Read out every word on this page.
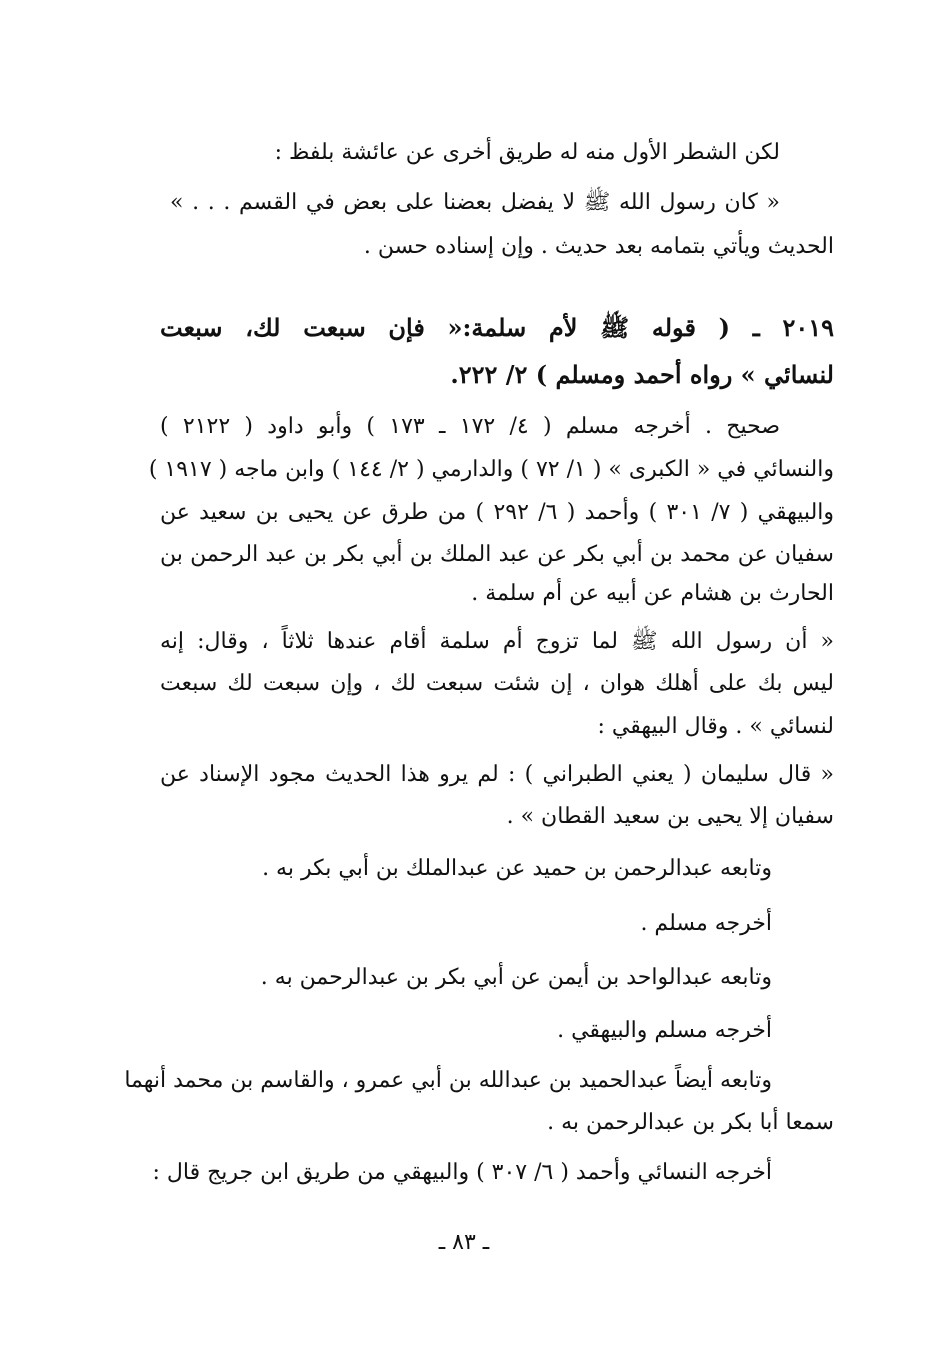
لكن الشطر الأول منه له طريق أخرى عن عائشة بلفظ :

« كان رسول الله ﷺ لا يفضل بعضنا على بعض في القسم . . . »

الحديث ويأتي بتمامه بعد حديث . وإن إسناده حسن .

٢٠١٩ ـ ( قوله ﷺ لأم سلمة:« فإن سبعت لك، سبعت

لنسائي » رواه أحمد ومسلم ) ٢/ ٢٢٢.

صحيح . أخرجه مسلم ( ٤/ ١٧٢ ـ ١٧٣ ) وأبو داود ( ٢١٢٢ )

والنسائي في « الكبرى » ( ١/ ٧٢ ) والدارمي ( ٢/ ١٤٤ ) وابن ماجه ( ١٩١٧ )

والبيهقي ( ٧/ ٣٠١ ) وأحمد ( ٦/ ٢٩٢ ) من طرق عن يحيى بن سعيد عن

سفيان عن محمد بن أبي بكر عن عبد الملك بن أبي بكر بن عبد الرحمن بن

الحارث بن هشام عن أبيه عن أم سلمة .

« أن رسول الله ﷺ لما تزوج أم سلمة أقام عندها ثلاثاً ، وقال: إنه

ليس بك على أهلك هوان ، إن شئت سبعت لك ، وإن سبعت لك سبعت

لنسائي » . وقال البيهقي :

« قال سليمان ( يعني الطبراني ) : لم يرو هذا الحديث مجود الإسناد عن

سفيان إلا يحيى بن سعيد القطان » .

وتابعه عبدالرحمن بن حميد عن عبدالملك بن أبي بكر به .

أخرجه مسلم .

وتابعه عبدالواحد بن أيمن عن أبي بكر بن عبدالرحمن به .

أخرجه مسلم والبيهقي .

وتابعه أيضاً عبدالحميد بن عبدالله بن أبي عمرو ، والقاسم بن محمد أنهما

سمعا أبا بكر بن عبدالرحمن به .

أخرجه النسائي وأحمد ( ٦/ ٣٠٧ ) والبيهقي من طريق ابن جريج قال :

ـ ٨٣ ـ
